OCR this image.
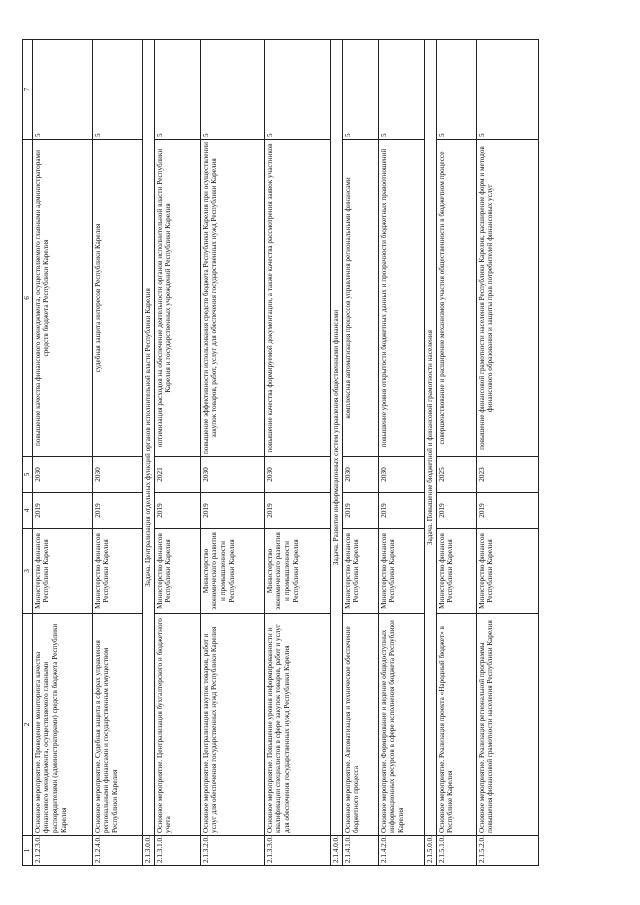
1	2	3	4	5	6	7
2.1.2.3.0.	Основное мероприятие. Проведение мониторинга качества финансового менеджмента, осуществляемого главными распорядителями (администраторами) средств бюджета Республики Карелия	Министерство финансов Республики Карелия	2019	2030	повышение качества финансового менеджмента, осуществляемого главными администраторами средств бюджета Республики Карелия	5
2.1.2.4.0.	Основное мероприятие. Судебная защита в сферах управления региональными финансами и государственным имуществом Республики Карелия	Министерство финансов Республики Карелия	2019	2030	судебная защита интересов Республики Карелия	5
2.1.3.0.0.	Задача. Централизация отдельных функций органов исполнительной власти Республики Карелия					
2.1.3.1.0.	Основное мероприятие. Централизация бухгалтерского и бюджетного учета	Министерство финансов Республики Карелия	2019	2021	оптимизация расходов на обеспечение деятельности органов исполнительной власти Республики Карелия и государственных учреждений Республики Карелия	5
2.1.3.2.0.	Основное мероприятие. Централизация закупок товаров, работ и услуг для обеспечения государственных нужд Республики Карелия	Министерство экономического развития и промышленности Республики Карелия	2019	2030	повышение эффективности использования средств бюджета Республики Карелия при осуществлении закупок товаров, работ, услуг для обеспечения государственных нужд Республики Карелия	5
2.1.3.3.0.	Основное мероприятие. Повышение уровня информированности и квалификации специалистов в сфере закупок товаров, работ и услуг для обеспечения государственных нужд Республики Карелия	Министерство экономического развития и промышленности Республики Карелия	2019	2030	повышение качества формируемой документации, а также качества рассмотрения заявок участников	5
2.1.4.0.0.	Задача. Развитие информационных систем управления общественными финансами					
2.1.4.1.0.	Основное мероприятие. Автоматизация и техническое обеспечение бюджетного процесса	Министерство финансов Республики Карелия	2019	2030	комплексная автоматизация процессов управления региональными финансами	5
2.1.4.2.0.	Основное мероприятие. Формирование и ведение общедоступных информационных ресурсов в сфере исполнения бюджета Республики Карелия	Министерство финансов Республики Карелия	2019	2030	повышение уровня открытости бюджетных данных и прозрачности бюджетных правоотношений	5
2.1.5.0.0.	Задача. Повышение бюджетной и финансовой грамотности населения					
2.1.5.1.0.	Основное мероприятие. Реализация проекта «Народный бюджет» в Республике Карелия	Министерство финансов Республики Карелия	2019	2025	совершенствование и расширение механизмов участия общественности в бюджетном процессе	5
2.1.5.2.0.	Основное мероприятие. Реализация региональной программы повышения финансовой грамотности населения Республики Карелия	Министерство финансов Республики Карелия	2019	2023	повышение финансовой грамотности населения Республики Карелия, расширение форм и методов финансового образования и защиты прав потребителей финансовых услуг	5
